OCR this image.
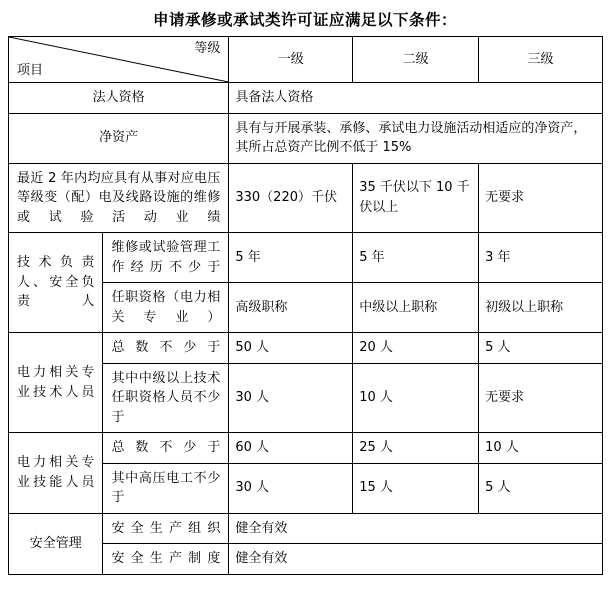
申请承修或承试类许可证应满足以下条件：
等级
项目		一级	二级	三级
法人资格		具备法人资格		
净资产		具有与开展承装、承修、承试电力设施活动相适应的净资产，其所占总资产比例不低于 15%		
最近 2 年内均应具有从事对应电压等级变（配）电及线路设施的维修或试验活动业绩		330（220）千伏	35 千伏以下 10 千伏以上	无要求
技术负责人、安全负责人	维修或试验管理工作经历不少于	5 年	5 年	3 年
	任职资格（电力相关专业）	高级职称	中级以上职称	初级以上职称
电力相关专业技术人员	总数不少于	50 人	20 人	5 人
	其中中级以上技术任职资格人员不少于	30 人	10 人	无要求
电力相关专业技能人员	总数不少于	60 人	25 人	10 人
	其中高压电工不少于	30 人	15 人	5 人
安全管理	安全生产组织	健全有效		
	安全生产制度	健全有效		
